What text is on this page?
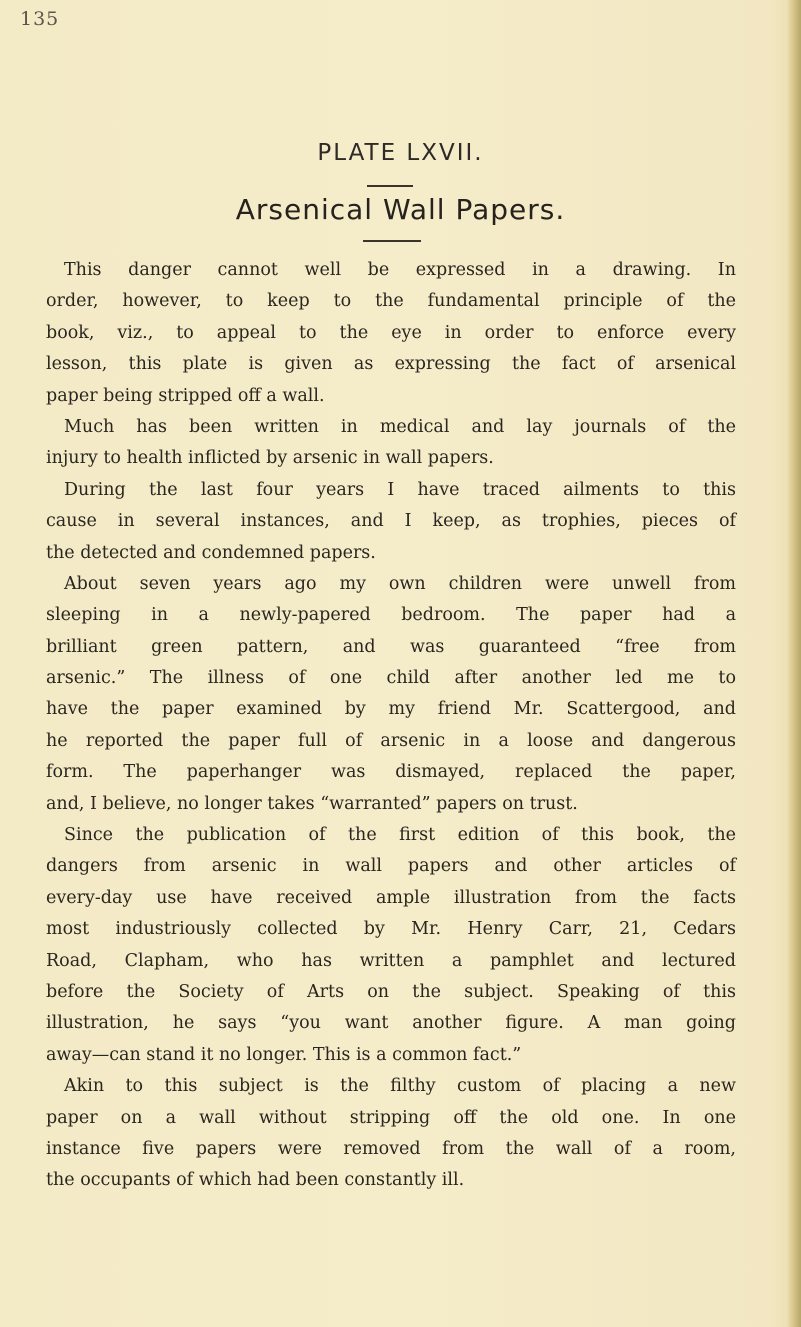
135
PLATE LXVII.
Arsenical Wall Papers.
This danger cannot well be expressed in a drawing. In
order, however, to keep to the fundamental principle of the
book, viz., to appeal to the eye in order to enforce every
lesson, this plate is given as expressing the fact of arsenical
paper being stripped off a wall.
Much has been written in medical and lay journals of the
injury to health inflicted by arsenic in wall papers.
During the last four years I have traced ailments to this
cause in several instances, and I keep, as trophies, pieces of
the detected and condemned papers.
About seven years ago my own children were unwell from
sleeping in a newly-papered bedroom. The paper had a
brilliant green pattern, and was guaranteed “free from
arsenic.” The illness of one child after another led me to
have the paper examined by my friend Mr. Scattergood, and
he reported the paper full of arsenic in a loose and dangerous
form. The paperhanger was dismayed, replaced the paper,
and, I believe, no longer takes “warranted” papers on trust.
Since the publication of the first edition of this book, the
dangers from arsenic in wall papers and other articles of
every-day use have received ample illustration from the facts
most industriously collected by Mr. Henry Carr, 21, Cedars
Road, Clapham, who has written a pamphlet and lectured
before the Society of Arts on the subject. Speaking of this
illustration, he says “you want another figure. A man going
away—can stand it no longer. This is a common fact.”
Akin to this subject is the filthy custom of placing a new
paper on a wall without stripping off the old one. In one
instance five papers were removed from the wall of a room,
the occupants of which had been constantly ill.
